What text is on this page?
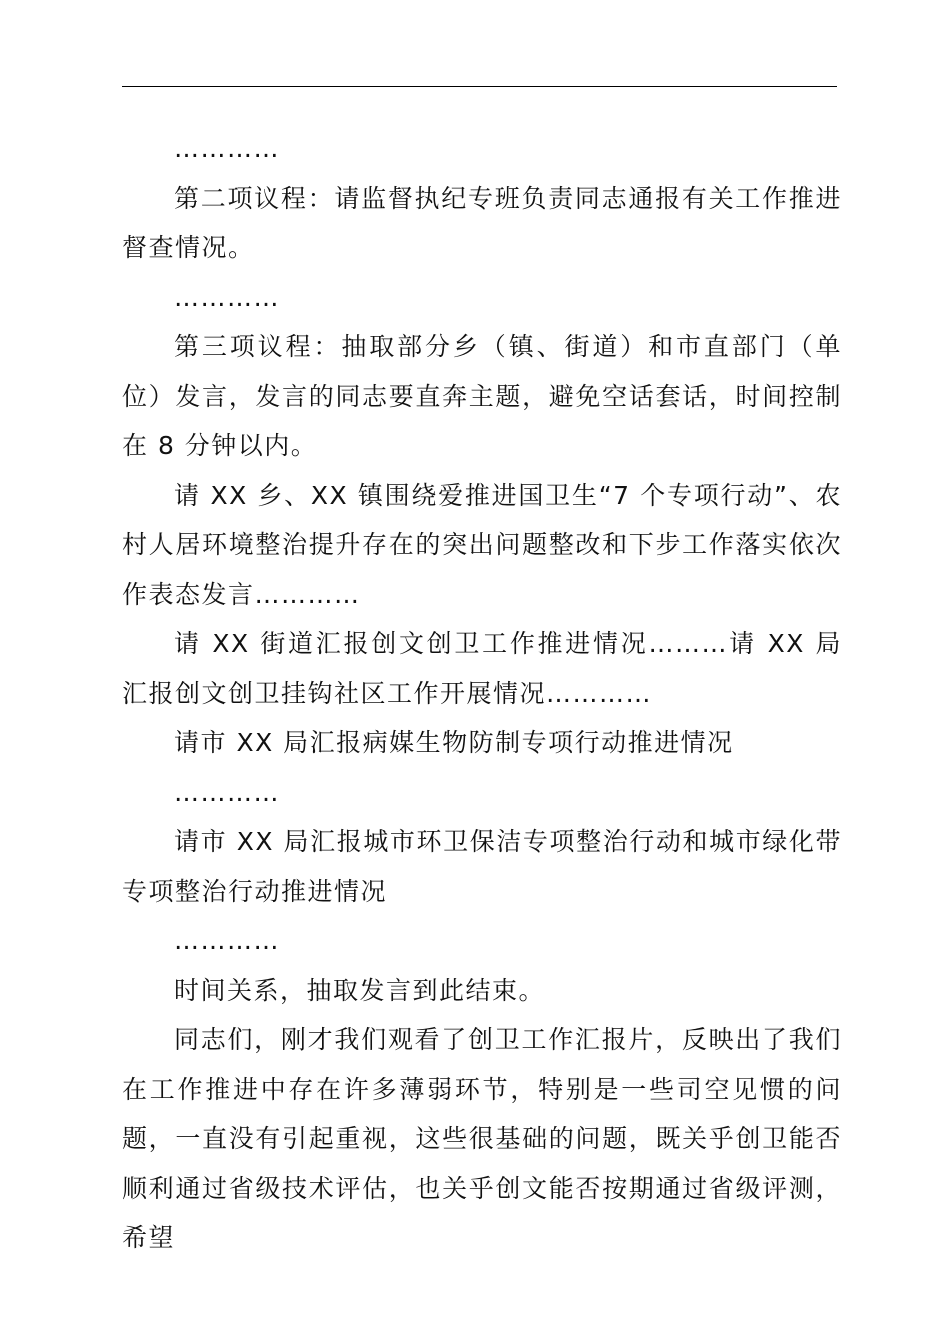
…………

第二项议程：请监督执纪专班负责同志通报有关工作推进督查情况。

…………

第三项议程：抽取部分乡（镇、街道）和市直部门（单位）发言，发言的同志要直奔主题，避免空话套话，时间控制在 8 分钟以内。

请 XX 乡、XX 镇围绕爱推进国卫生“7 个专项行动”、农村人居环境整治提升存在的突出问题整改和下步工作落实依次作表态发言…………

请 XX 街道汇报创文创卫工作推进情况………请 XX 局汇报创文创卫挂钩社区工作开展情况…………

请市 XX 局汇报病媒生物防制专项行动推进情况

…………

请市 XX 局汇报城市环卫保洁专项整治行动和城市绿化带专项整治行动推进情况

…………

时间关系，抽取发言到此结束。

同志们，刚才我们观看了创卫工作汇报片，反映出了我们在工作推进中存在许多薄弱环节，特别是一些司空见惯的问题，一直没有引起重视，这些很基础的问题，既关乎创卫能否顺利通过省级技术评估，也关乎创文能否按期通过省级评测，希望
